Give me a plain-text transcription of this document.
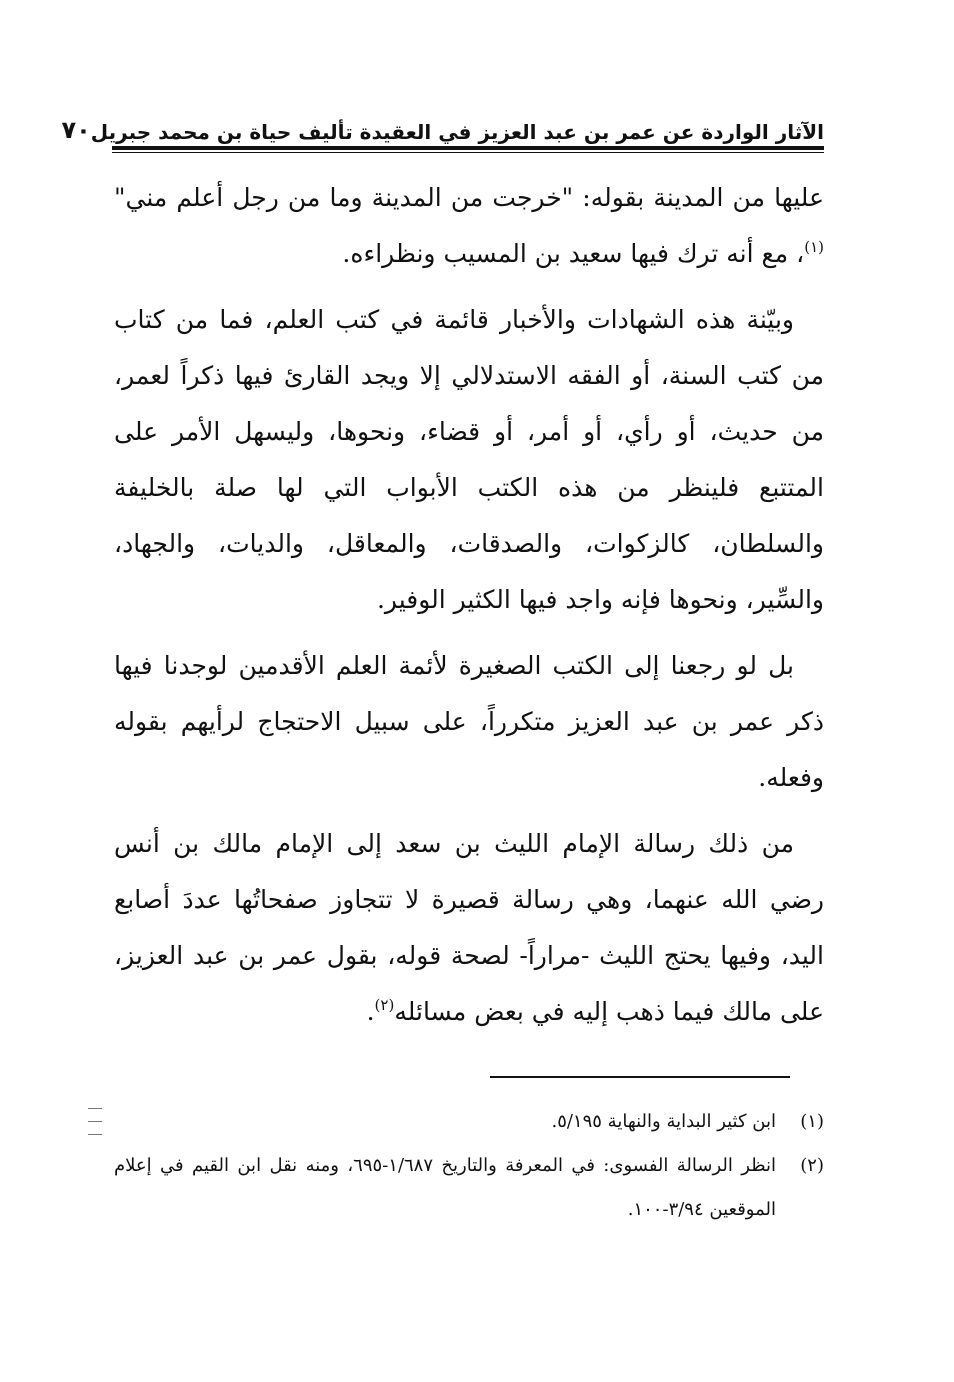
الآثار الواردة عن عمر بن عبد العزيز في العقيدة تأليف حياة بن محمد جبريل
٧٠

عليها من المدينة بقوله: "خرجت من المدينة وما من رجل أعلم مني"$^{(١)}$، مع أنه ترك فيها سعيد بن المسيب ونظراءه.

وبيّنة هذه الشهادات والأخبار قائمة في كتب العلم، فما من كتاب من كتب السنة، أو الفقه الاستدلالي إلا ويجد القارئ فيها ذكراً لعمر، من حديث، أو رأي، أو أمر، أو قضاء، ونحوها، وليسهل الأمر على المتتبع فلينظر من هذه الكتب الأبواب التي لها صلة بالخليفة والسلطان، كالزكوات، والصدقات، والمعاقل، والديات، والجهاد، والسِّير، ونحوها فإنه واجد فيها الكثير الوفير.

بل لو رجعنا إلى الكتب الصغيرة لأئمة العلم الأقدمين لوجدنا فيها ذكر عمر بن عبد العزيز متكرراً، على سبيل الاحتجاج لرأيهم بقوله وفعله.

من ذلك رسالة الإمام الليث بن سعد إلى الإمام مالك بن أنس رضي الله عنهما، وهي رسالة قصيرة لا تتجاوز صفحاتُها عددَ أصابع اليد، وفيها يحتج الليث -مراراً- لصحة قوله، بقول عمر بن عبد العزيز، على مالك فيما ذهب إليه في بعض مسائله$^{(٢)}$.

(١)
ابن كثير البداية والنهاية ٥/١٩٥.
(٢)
انظر الرسالة الفسوى: في المعرفة والتاريخ ١/٦٨٧-٦٩٥، ومنه نقل ابن القيم في إعلام الموقعين ٣/٩٤-١٠٠.
